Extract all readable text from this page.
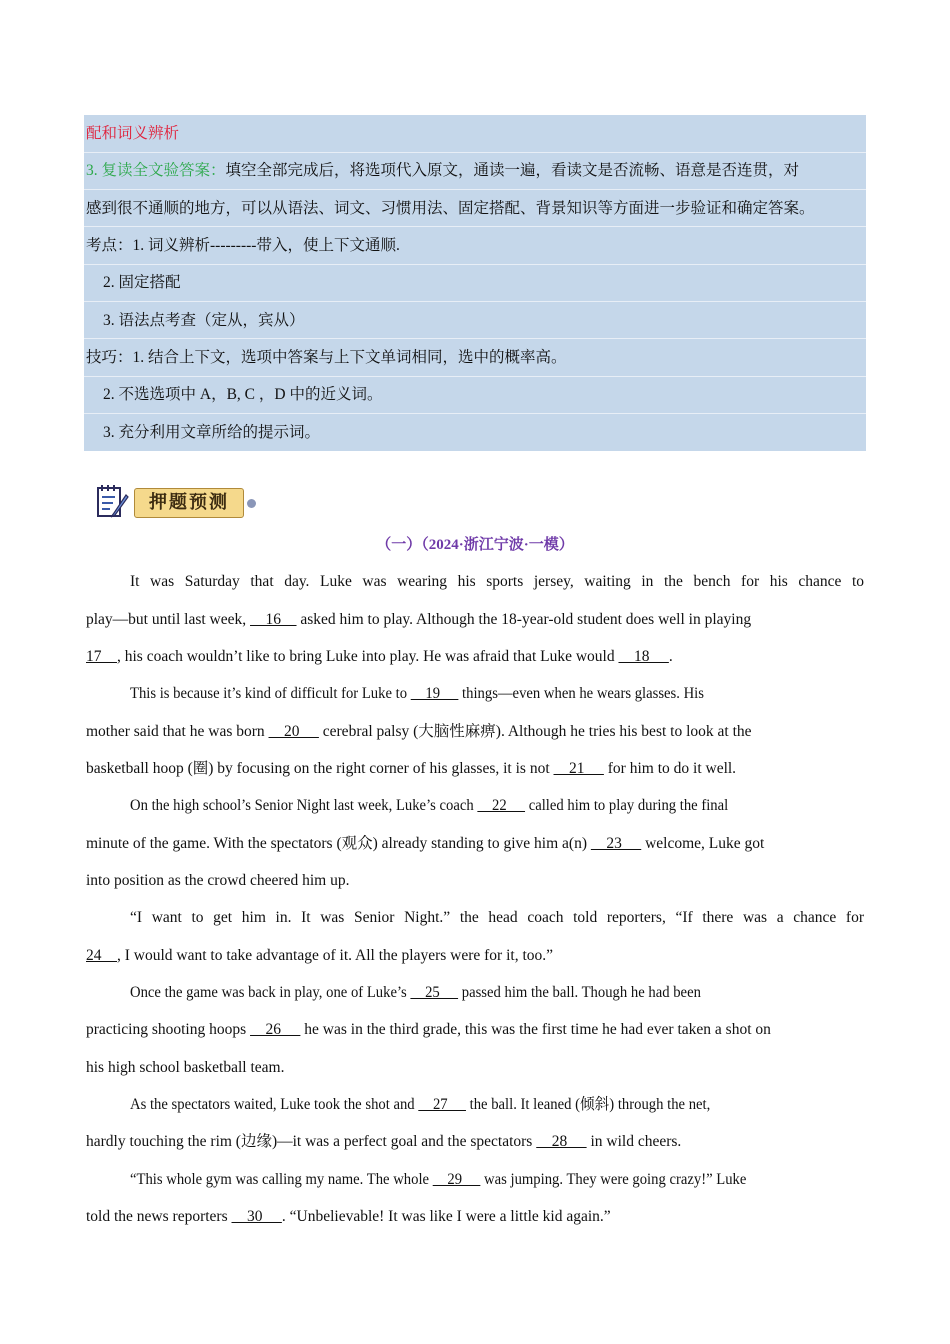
配和词义辨析
3. 复读全文验答案：填空全部完成后，将选项代入原文，通读一遍，看读文是否流畅、语意是否连贯，对
感到很不通顺的地方，可以从语法、词文、习惯用法、固定搭配、背景知识等方面进一步验证和确定答案。
考点：1. 词义辨析---------带入，使上下文通顺.
2. 固定搭配
3. 语法点考查（定从，宾从）
技巧：1. 结合上下文，选项中答案与上下文单词相同，选中的概率高。
2. 不选选项中 A，B, C ，D 中的近义词。
3. 充分利用文章所给的提示词。
押题预测
（一）（2024·浙江宁波·一模）
It was Saturday that day. Luke was wearing his sports jersey, waiting in the bench for his chance to
play—but until last week,     16     asked him to play. Although the 18-year-old student does well in playing
17    , his coach wouldn’t like to bring Luke into play. He was afraid that Luke would     18     .
This is because it’s kind of difficult for Luke to     19      things—even when he wears glasses. His
mother said that he was born     20      cerebral palsy (大脑性麻痹). Although he tries his best to look at the
basketball hoop (圈) by focusing on the right corner of his glasses, it is not     21      for him to do it well.
On the high school’s Senior Night last week, Luke’s coach     22      called him to play during the final
minute of the game. With the spectators (观众) already standing to give him a(n)     23      welcome, Luke got
into position as the crowd cheered him up.
“I want to get him in. It was Senior Night.” the head coach told reporters, “If there was a chance for
24    , I would want to take advantage of it. All the players were for it, too.”
Once the game was back in play, one of Luke’s     25      passed him the ball. Though he had been
practicing shooting hoops     26      he was in the third grade, this was the first time he had ever taken a shot on
his high school basketball team.
As the spectators waited, Luke took the shot and     27      the ball. It leaned (倾斜) through the net,
hardly touching the rim (边缘)—it was a perfect goal and the spectators     28      in wild cheers.
“This whole gym was calling my name. The whole     29      was jumping. They were going crazy!” Luke
told the news reporters     30     . “Unbelievable! It was like I were a little kid again.”
